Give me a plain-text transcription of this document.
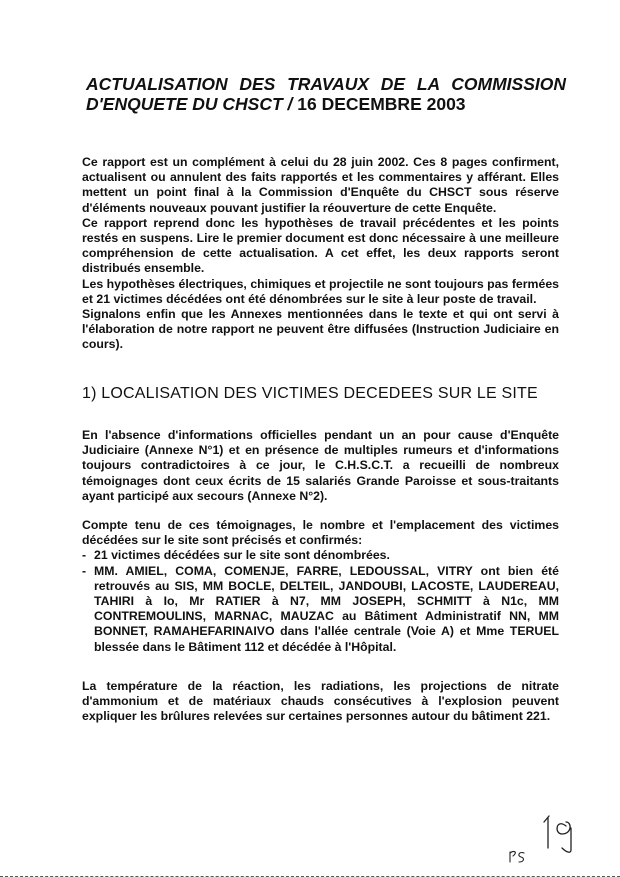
ACTUALISATION DES TRAVAUX DE LA COMMISSION D'ENQUETE DU CHSCT / 16 DECEMBRE 2003

Ce rapport est un complément à celui du 28 juin 2002. Ces 8 pages confirment, actualisent ou annulent des faits rapportés et les commentaires y afférant. Elles mettent un point final à la Commission d'Enquête du CHSCT sous réserve d'éléments nouveaux pouvant justifier la réouverture de cette Enquête.

Ce rapport reprend donc les hypothèses de travail précédentes et les points restés en suspens. Lire le premier document est donc nécessaire à une meilleure compréhension de cette actualisation. A cet effet, les deux rapports seront distribués ensemble.

Les hypothèses électriques, chimiques et projectile ne sont toujours pas fermées et 21 victimes décédées ont été dénombrées sur le site à leur poste de travail.

Signalons enfin que les Annexes mentionnées dans le texte et qui ont servi à l'élaboration de notre rapport ne peuvent être diffusées (Instruction Judiciaire en cours).

1) LOCALISATION DES VICTIMES DECEDEES SUR LE SITE
En l'absence d'informations officielles pendant un an pour cause d'Enquête Judiciaire (Annexe N°1) et en présence de multiples rumeurs et d'informations toujours contradictoires à ce jour, le C.H.S.C.T. a recueilli de nombreux témoignages dont ceux écrits de 15 salariés Grande Paroisse et sous-traitants ayant participé aux secours (Annexe N°2).

Compte tenu de ces témoignages, le nombre et l'emplacement des victimes décédées sur le site sont précisés et confirmés:

- 21 victimes décédées sur le site sont dénombrées.
- MM. AMIEL, COMA, COMENJE, FARRE, LEDOUSSAL, VITRY ont bien été retrouvés au SIS, MM BOCLE, DELTEIL, JANDOUBI, LACOSTE, LAUDEREAU, TAHIRI à Io, Mr RATIER à N7, MM JOSEPH, SCHMITT à N1c, MM CONTREMOULINS, MARNAC, MAUZAC au Bâtiment Administratif NN, MM BONNET, RAMAHEFARINAIVO dans l'allée centrale (Voie A) et Mme TERUEL blessée dans le Bâtiment 112 et décédée à l'Hôpital.
La température de la réaction, les radiations, les projections de nitrate d'ammonium et de matériaux chauds consécutives à l'explosion peuvent expliquer les brûlures relevées sur certaines personnes autour du bâtiment 221.
